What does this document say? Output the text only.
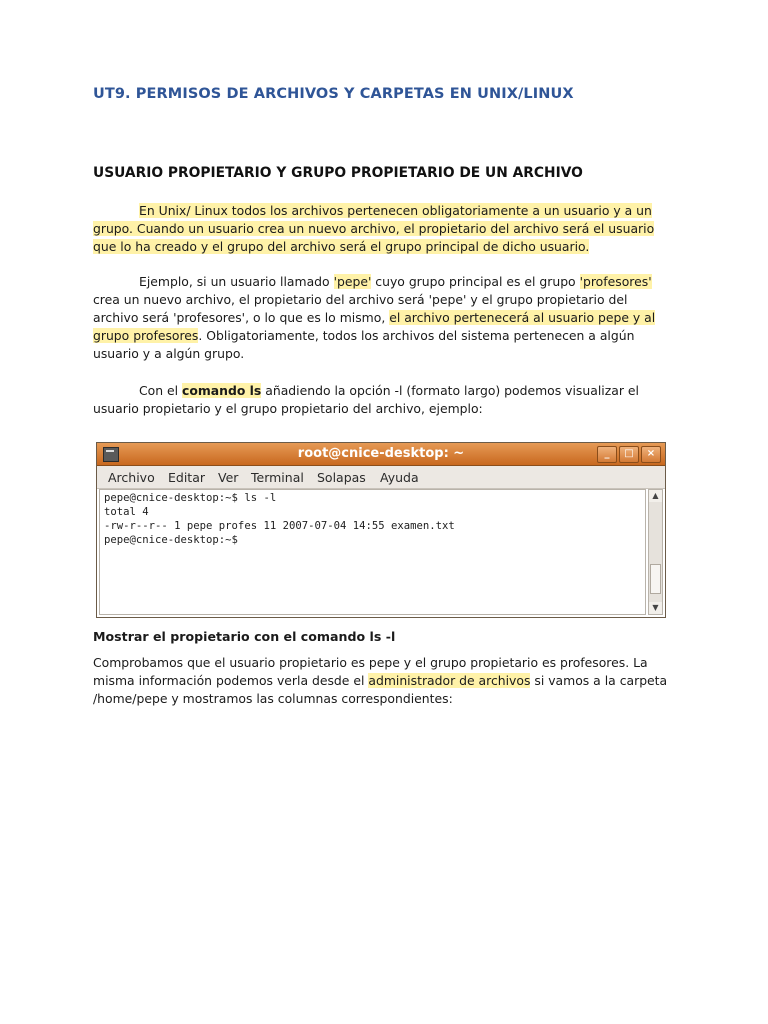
UT9. PERMISOS DE ARCHIVOS Y CARPETAS EN UNIX/LINUX
USUARIO PROPIETARIO Y GRUPO PROPIETARIO DE UN ARCHIVO
En Unix/ Linux todos los archivos pertenecen obligatoriamente a un usuario y a un
grupo. Cuando un usuario crea un nuevo archivo, el propietario del archivo será el usuario
que lo ha creado y el grupo del archivo será el grupo principal de dicho usuario.
Ejemplo, si un usuario llamado 'pepe' cuyo grupo principal es el grupo 'profesores'
crea un nuevo archivo, el propietario del archivo será 'pepe' y el grupo propietario del
archivo será 'profesores', o lo que es lo mismo, el archivo pertenecerá al usuario pepe y al
grupo profesores. Obligatoriamente, todos los archivos del sistema pertenecen a algún
usuario y a algún grupo.
Con el comando ls añadiendo la opción -l (formato largo) podemos visualizar el
usuario propietario y el grupo propietario del archivo, ejemplo:
Mostrar el propietario con el comando ls -l
Comprobamos que el usuario propietario es pepe y el grupo propietario es profesores. La
misma información podemos verla desde el administrador de archivos si vamos a la carpeta
/home/pepe y mostramos las columnas correspondientes:
root@cnice-desktop: ~	_	□	×
Archivo Editar Ver Terminal Solapas Ayuda
pepe@cnice-desktop:~$ ls -l
total 4
-rw-r--r-- 1 pepe profes 11 2007-07-04 14:55 examen.txt
pepe@cnice-desktop:~$
▲
▼
